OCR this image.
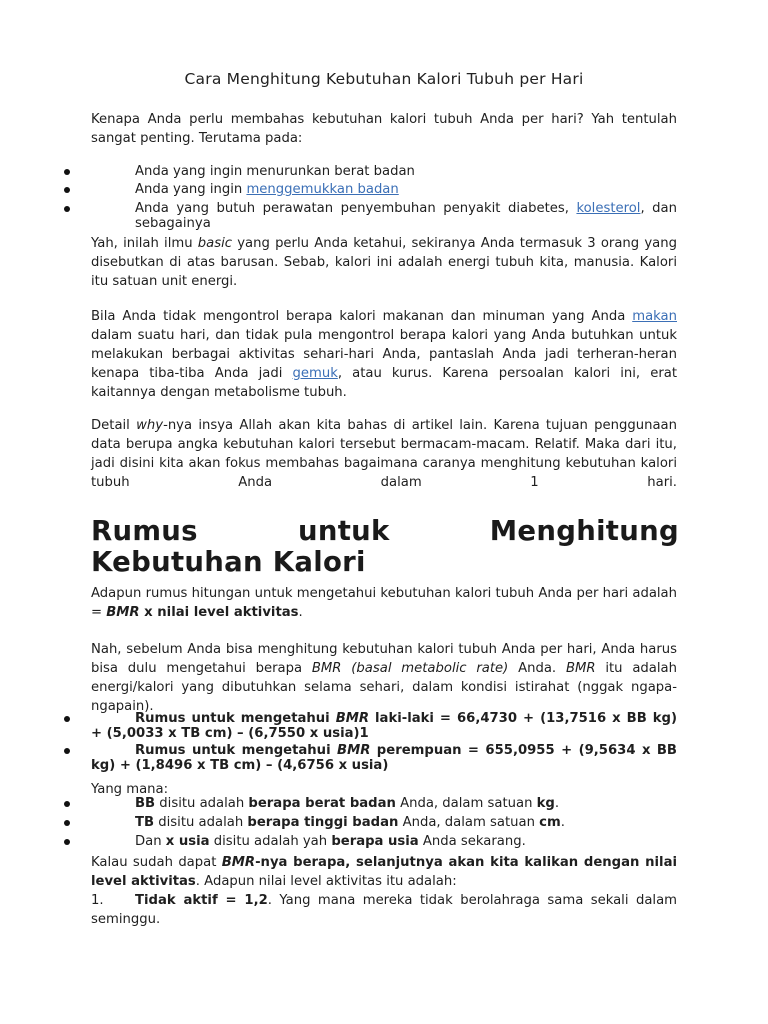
Cara Menghitung Kebutuhan Kalori Tubuh per Hari

Kenapa Anda perlu membahas kebutuhan kalori tubuh Anda per hari? Yah tentulah sangat penting. Terutama pada:

Anda yang ingin menurunkan berat badan
Anda yang ingin menggemukkan badan
Anda yang butuh perawatan penyembuhan penyakit diabetes, kolesterol, dan sebagainya

Yah, inilah ilmu basic yang perlu Anda ketahui, sekiranya Anda termasuk 3 orang yang disebutkan di atas barusan. Sebab, kalori ini adalah energi tubuh kita, manusia. Kalori itu satuan unit energi.

Bila Anda tidak mengontrol berapa kalori makanan dan minuman yang Anda makan dalam suatu hari, dan tidak pula mengontrol berapa kalori yang Anda butuhkan untuk melakukan berbagai aktivitas sehari-hari Anda, pantaslah Anda jadi terheran-heran kenapa tiba-tiba Anda jadi gemuk, atau kurus. Karena persoalan kalori ini, erat kaitannya dengan metabolisme tubuh.

Detail why-nya insya Allah akan kita bahas di artikel lain. Karena tujuan penggunaan data berupa angka kebutuhan kalori tersebut bermacam-macam. Relatif. Maka dari itu, jadi disini kita akan fokus membahas bagaimana caranya menghitung kebutuhan kalori tubuh Anda dalam 1 hari.

Rumus untuk Menghitung Kebutuhan Kalori

Adapun rumus hitungan untuk mengetahui kebutuhan kalori tubuh Anda per hari adalah = BMR x nilai level aktivitas.

Nah, sebelum Anda bisa menghitung kebutuhan kalori tubuh Anda per hari, Anda harus bisa dulu mengetahui berapa BMR (basal metabolic rate) Anda. BMR itu adalah energi/kalori yang dibutuhkan selama sehari, dalam kondisi istirahat (nggak ngapa-ngapain).

Rumus untuk mengetahui BMR laki-laki = 66,4730 + (13,7516 x BB kg) + (5,0033 x TB cm) – (6,7550 x usia)1
Rumus untuk mengetahui BMR perempuan = 655,0955 + (9,5634 x BB kg) + (1,8496 x TB cm) – (4,6756 x usia)

Yang mana:

BB disitu adalah berapa berat badan Anda, dalam satuan kg.
TB disitu adalah berapa tinggi badan Anda, dalam satuan cm.
Dan x usia disitu adalah yah berapa usia Anda sekarang.

Kalau sudah dapat BMR-nya berapa, selanjutnya akan kita kalikan dengan nilai level aktivitas. Adapun nilai level aktivitas itu adalah:

1. Tidak aktif = 1,2. Yang mana mereka tidak berolahraga sama sekali dalam seminggu.
